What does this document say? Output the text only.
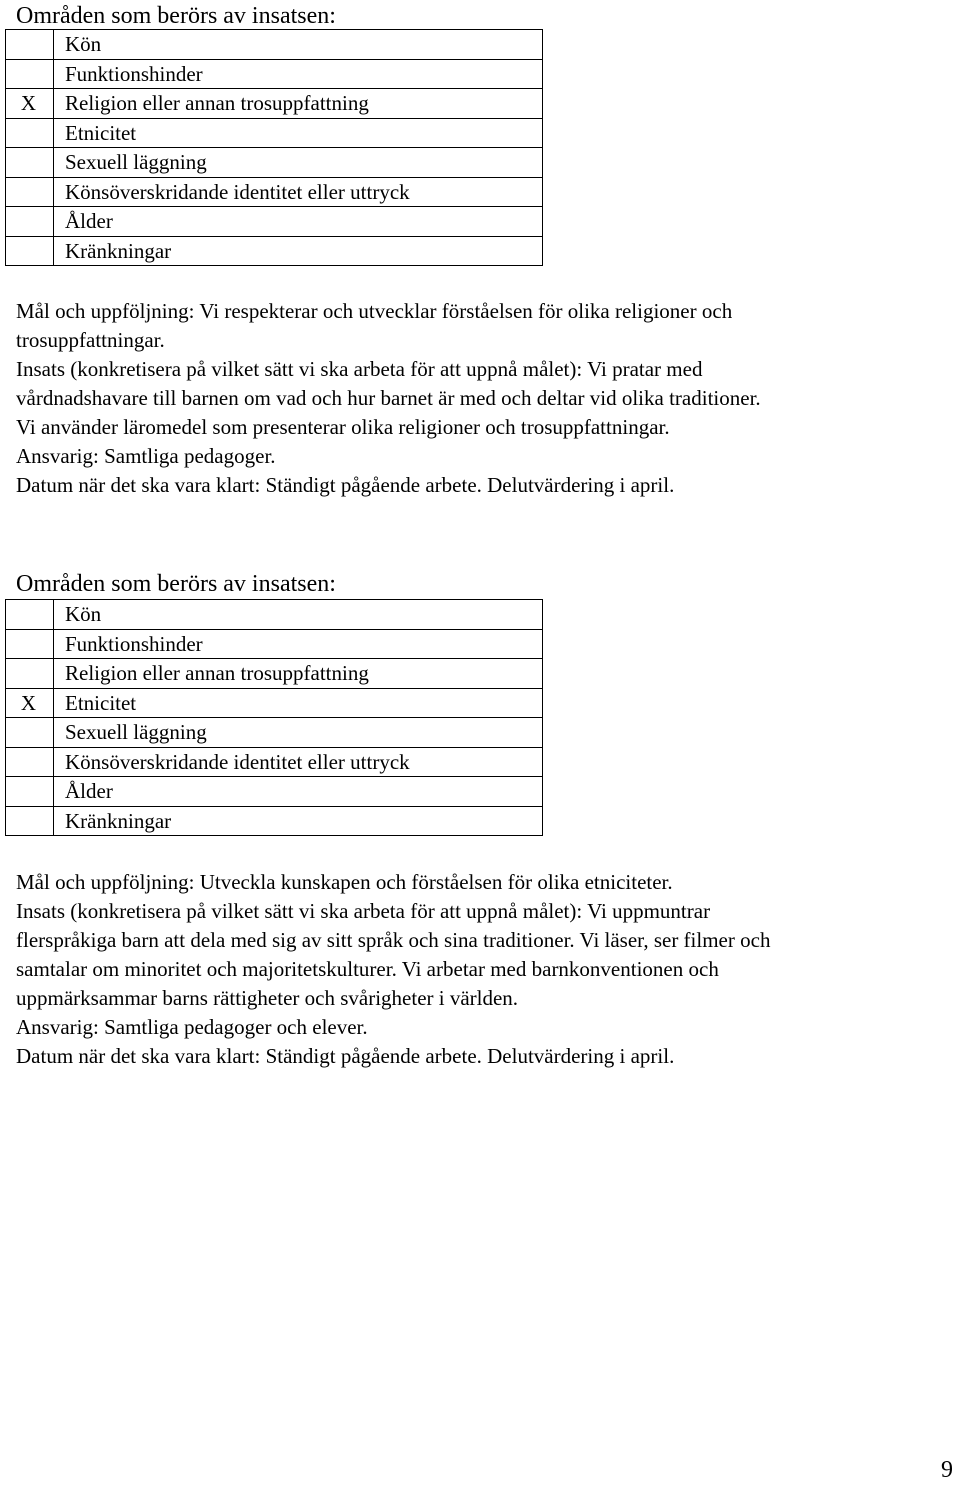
Områden som berörs av insatsen:
	Kön
	Funktionshinder
X	Religion eller annan trosuppfattning
	Etnicitet
	Sexuell läggning
	Könsöverskridande identitet eller uttryck
	Ålder
	Kränkningar

Mål och uppföljning: Vi respekterar och utvecklar förståelsen för olika religioner och

trosuppfattningar.

Insats (konkretisera på vilket sätt vi ska arbeta för att uppnå målet): Vi pratar med

vårdnadshavare till barnen om vad och hur barnet är med och deltar vid olika traditioner.

Vi använder läromedel som presenterar olika religioner och trosuppfattningar.

Ansvarig: Samtliga pedagoger.

Datum när det ska vara klart: Ständigt pågående arbete. Delutvärdering i april.

Områden som berörs av insatsen:
	Kön
	Funktionshinder
	Religion eller annan trosuppfattning
X	Etnicitet
	Sexuell läggning
	Könsöverskridande identitet eller uttryck
	Ålder
	Kränkningar

Mål och uppföljning: Utveckla kunskapen och förståelsen för olika etniciteter.

Insats (konkretisera på vilket sätt vi ska arbeta för att uppnå målet): Vi uppmuntrar

flerspråkiga barn att dela med sig av sitt språk och sina traditioner. Vi läser, ser filmer och

samtalar om minoritet och majoritetskulturer. Vi arbetar med barnkonventionen och

uppmärksammar barns rättigheter och svårigheter i världen.

Ansvarig: Samtliga pedagoger och elever.

Datum när det ska vara klart: Ständigt pågående arbete. Delutvärdering i april.

9
